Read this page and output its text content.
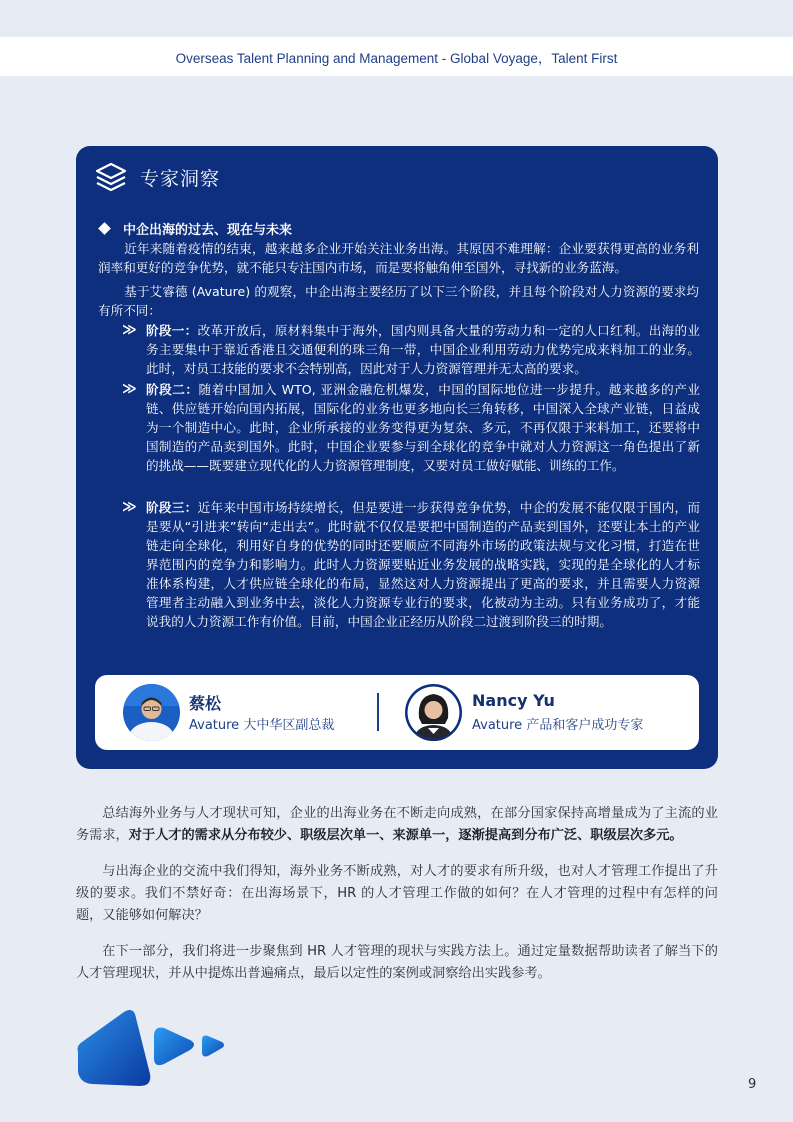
Overseas Talent Planning and Management - Global Voyage，Talent First
专家洞察
中企出海的过去、现在与未来

近年来随着疫情的结束，越来越多企业开始关注业务出海。其原因不难理解：企业要获得更高的业务利润率和更好的竞争优势，就不能只专注国内市场，而是要将触角伸至国外，寻找新的业务蓝海。

基于艾睿德 (Avature) 的观察，中企出海主要经历了以下三个阶段，并且每个阶段对人力资源的要求均有所不同：

≫ 阶段一：改革开放后，原材料集中于海外，国内则具备大量的劳动力和一定的人口红利。出海的业务主要集中于靠近香港且交通便利的珠三角一带，中国企业利用劳动力优势完成来料加工的业务。此时，对员工技能的要求不会特别高，因此对于人力资源管理并无太高的要求。

≫ 阶段二：随着中国加入 WTO, 亚洲金融危机爆发，中国的国际地位进一步提升。越来越多的产业链、供应链开始向国内拓展，国际化的业务也更多地向长三角转移，中国深入全球产业链，日益成为一个制造中心。此时，企业所承接的业务变得更为复杂、多元，不再仅限于来料加工，还要将中国制造的产品卖到国外。此时，中国企业要参与到全球化的竞争中就对人力资源这一角色提出了新的挑战——既要建立现代化的人力资源管理制度，又要对员工做好赋能、训练的工作。

≫ 阶段三：近年来中国市场持续增长，但是要进一步获得竞争优势，中企的发展不能仅限于国内，而是要从“引进来”转向“走出去”。此时就不仅仅是要把中国制造的产品卖到国外，还要让本土的产业链走向全球化，利用好自身的优势的同时还要顺应不同海外市场的政策法规与文化习惯，打造在世界范围内的竞争力和影响力。此时人力资源要贴近业务发展的战略实践，实现的是全球化的人才标准体系构建，人才供应链全球化的布局，显然这对人力资源提出了更高的要求，并且需要人力资源管理者主动融入到业务中去，淡化人力资源专业行的要求，化被动为主动。只有业务成功了，才能说我的人力资源工作有价值。目前，中国企业正经历从阶段二过渡到阶段三的时期。

蔡松
Avature 大中华区副总裁
Nancy Yu
Avature 产品和客户成功专家

总结海外业务与人才现状可知，企业的出海业务在不断走向成熟，在部分国家保持高增量成为了主流的业务需求，对于人才的需求从分布较少、职级层次单一、来源单一，逐渐提高到分布广泛、职级层次多元。

与出海企业的交流中我们得知，海外业务不断成熟，对人才的要求有所升级，也对人才管理工作提出了升级的要求。我们不禁好奇：在出海场景下，HR 的人才管理工作做的如何？在人才管理的过程中有怎样的问题，又能够如何解决？

在下一部分，我们将进一步聚焦到 HR 人才管理的现状与实践方法上。通过定量数据帮助读者了解当下的人才管理现状，并从中提炼出普遍痛点，最后以定性的案例或洞察给出实践参考。

9
